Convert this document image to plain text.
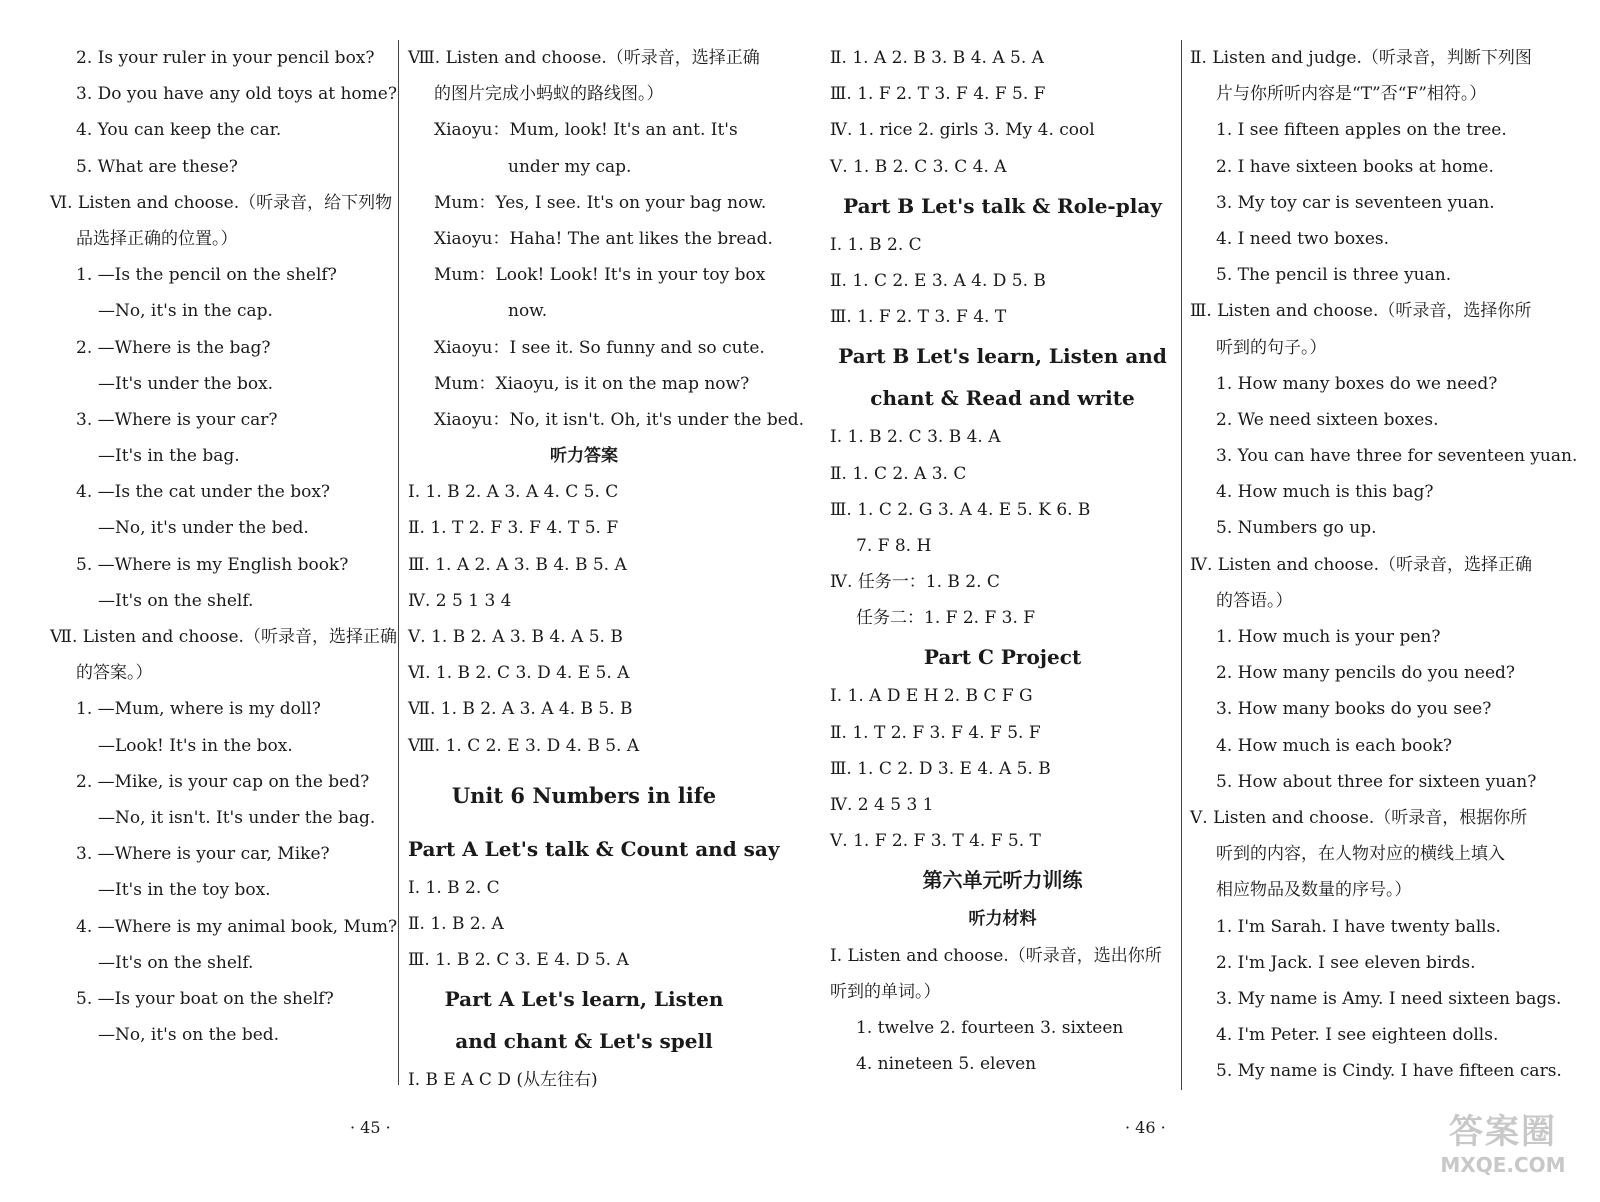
2. Is your ruler in your pencil box?
3. Do you have any old toys at home?
4. You can keep the car.
5. What are these?
Ⅵ. Listen and choose.（听录音，给下列物
品选择正确的位置。）
1. —Is the pencil on the shelf?
—No, it's in the cap.
2. —Where is the bag?
—It's under the box.
3. —Where is your car?
—It's in the bag.
4. —Is the cat under the box?
—No, it's under the bed.
5. —Where is my English book?
—It's on the shelf.
Ⅶ. Listen and choose.（听录音，选择正确
的答案。）
1. —Mum, where is my doll?
—Look! It's in the box.
2. —Mike, is your cap on the bed?
—No, it isn't. It's under the bag.
3. —Where is your car, Mike?
—It's in the toy box.
4. —Where is my animal book, Mum?
—It's on the shelf.
5. —Is your boat on the shelf?
—No, it's on the bed.
Ⅷ. Listen and choose.（听录音，选择正确
的图片完成小蚂蚁的路线图。）
Xiaoyu：Mum, look! It's an ant. It's
under my cap.
Mum：Yes, I see. It's on your bag now.
Xiaoyu：Haha! The ant likes the bread.
Mum：Look! Look! It's in your toy box
now.
Xiaoyu：I see it. So funny and so cute.
Mum：Xiaoyu, is it on the map now?
Xiaoyu：No, it isn't. Oh, it's under the bed.
听力答案
Ⅰ. 1. B 2. A 3. A 4. C 5. C
Ⅱ. 1. T 2. F 3. F 4. T 5. F
Ⅲ. 1. A 2. A 3. B 4. B 5. A
Ⅳ. 2 5 1 3 4
Ⅴ. 1. B 2. A 3. B 4. A 5. B
Ⅵ. 1. B 2. C 3. D 4. E 5. A
Ⅶ. 1. B 2. A 3. A 4. B 5. B
Ⅷ. 1. C 2. E 3. D 4. B 5. A
Unit 6 Numbers in life
Part A Let's talk & Count and say
Ⅰ. 1. B 2. C
Ⅱ. 1. B 2. A
Ⅲ. 1. B 2. C 3. E 4. D 5. A
Part A Let's learn, Listen
and chant & Let's spell
Ⅰ. B E A C D (从左往右)
Ⅱ. 1. A 2. B 3. B 4. A 5. A
Ⅲ. 1. F 2. T 3. F 4. F 5. F
Ⅳ. 1. rice 2. girls 3. My 4. cool
Ⅴ. 1. B 2. C 3. C 4. A
Part B Let's talk & Role-play
Ⅰ. 1. B 2. C
Ⅱ. 1. C 2. E 3. A 4. D 5. B
Ⅲ. 1. F 2. T 3. F 4. T
Part B Let's learn, Listen and
chant & Read and write
Ⅰ. 1. B 2. C 3. B 4. A
Ⅱ. 1. C 2. A 3. C
Ⅲ. 1. C 2. G 3. A 4. E 5. K 6. B
7. F 8. H
Ⅳ. 任务一：1. B 2. C
任务二：1. F 2. F 3. F
Part C Project
Ⅰ. 1. A D E H 2. B C F G
Ⅱ. 1. T 2. F 3. F 4. F 5. F
Ⅲ. 1. C 2. D 3. E 4. A 5. B
Ⅳ. 2 4 5 3 1
Ⅴ. 1. F 2. F 3. T 4. F 5. T
第六单元听力训练
听力材料
Ⅰ. Listen and choose.（听录音，选出你所
听到的单词。）
1. twelve 2. fourteen 3. sixteen
4. nineteen 5. eleven
Ⅱ. Listen and judge.（听录音，判断下列图
片与你所听内容是“T”否“F”相符。）
1. I see fifteen apples on the tree.
2. I have sixteen books at home.
3. My toy car is seventeen yuan.
4. I need two boxes.
5. The pencil is three yuan.
Ⅲ. Listen and choose.（听录音，选择你所
听到的句子。）
1. How many boxes do we need?
2. We need sixteen boxes.
3. You can have three for seventeen yuan.
4. How much is this bag?
5. Numbers go up.
Ⅳ. Listen and choose.（听录音，选择正确
的答语。）
1. How much is your pen?
2. How many pencils do you need?
3. How many books do you see?
4. How much is each book?
5. How about three for sixteen yuan?
Ⅴ. Listen and choose.（听录音，根据你所
听到的内容，在人物对应的横线上填入
相应物品及数量的序号。）
1. I'm Sarah. I have twenty balls.
2. I'm Jack. I see eleven birds.
3. My name is Amy. I need sixteen bags.
4. I'm Peter. I see eighteen dolls.
5. My name is Cindy. I have fifteen cars.
· 45 ·	· 46 ·	答案圈
MXQE.COM
